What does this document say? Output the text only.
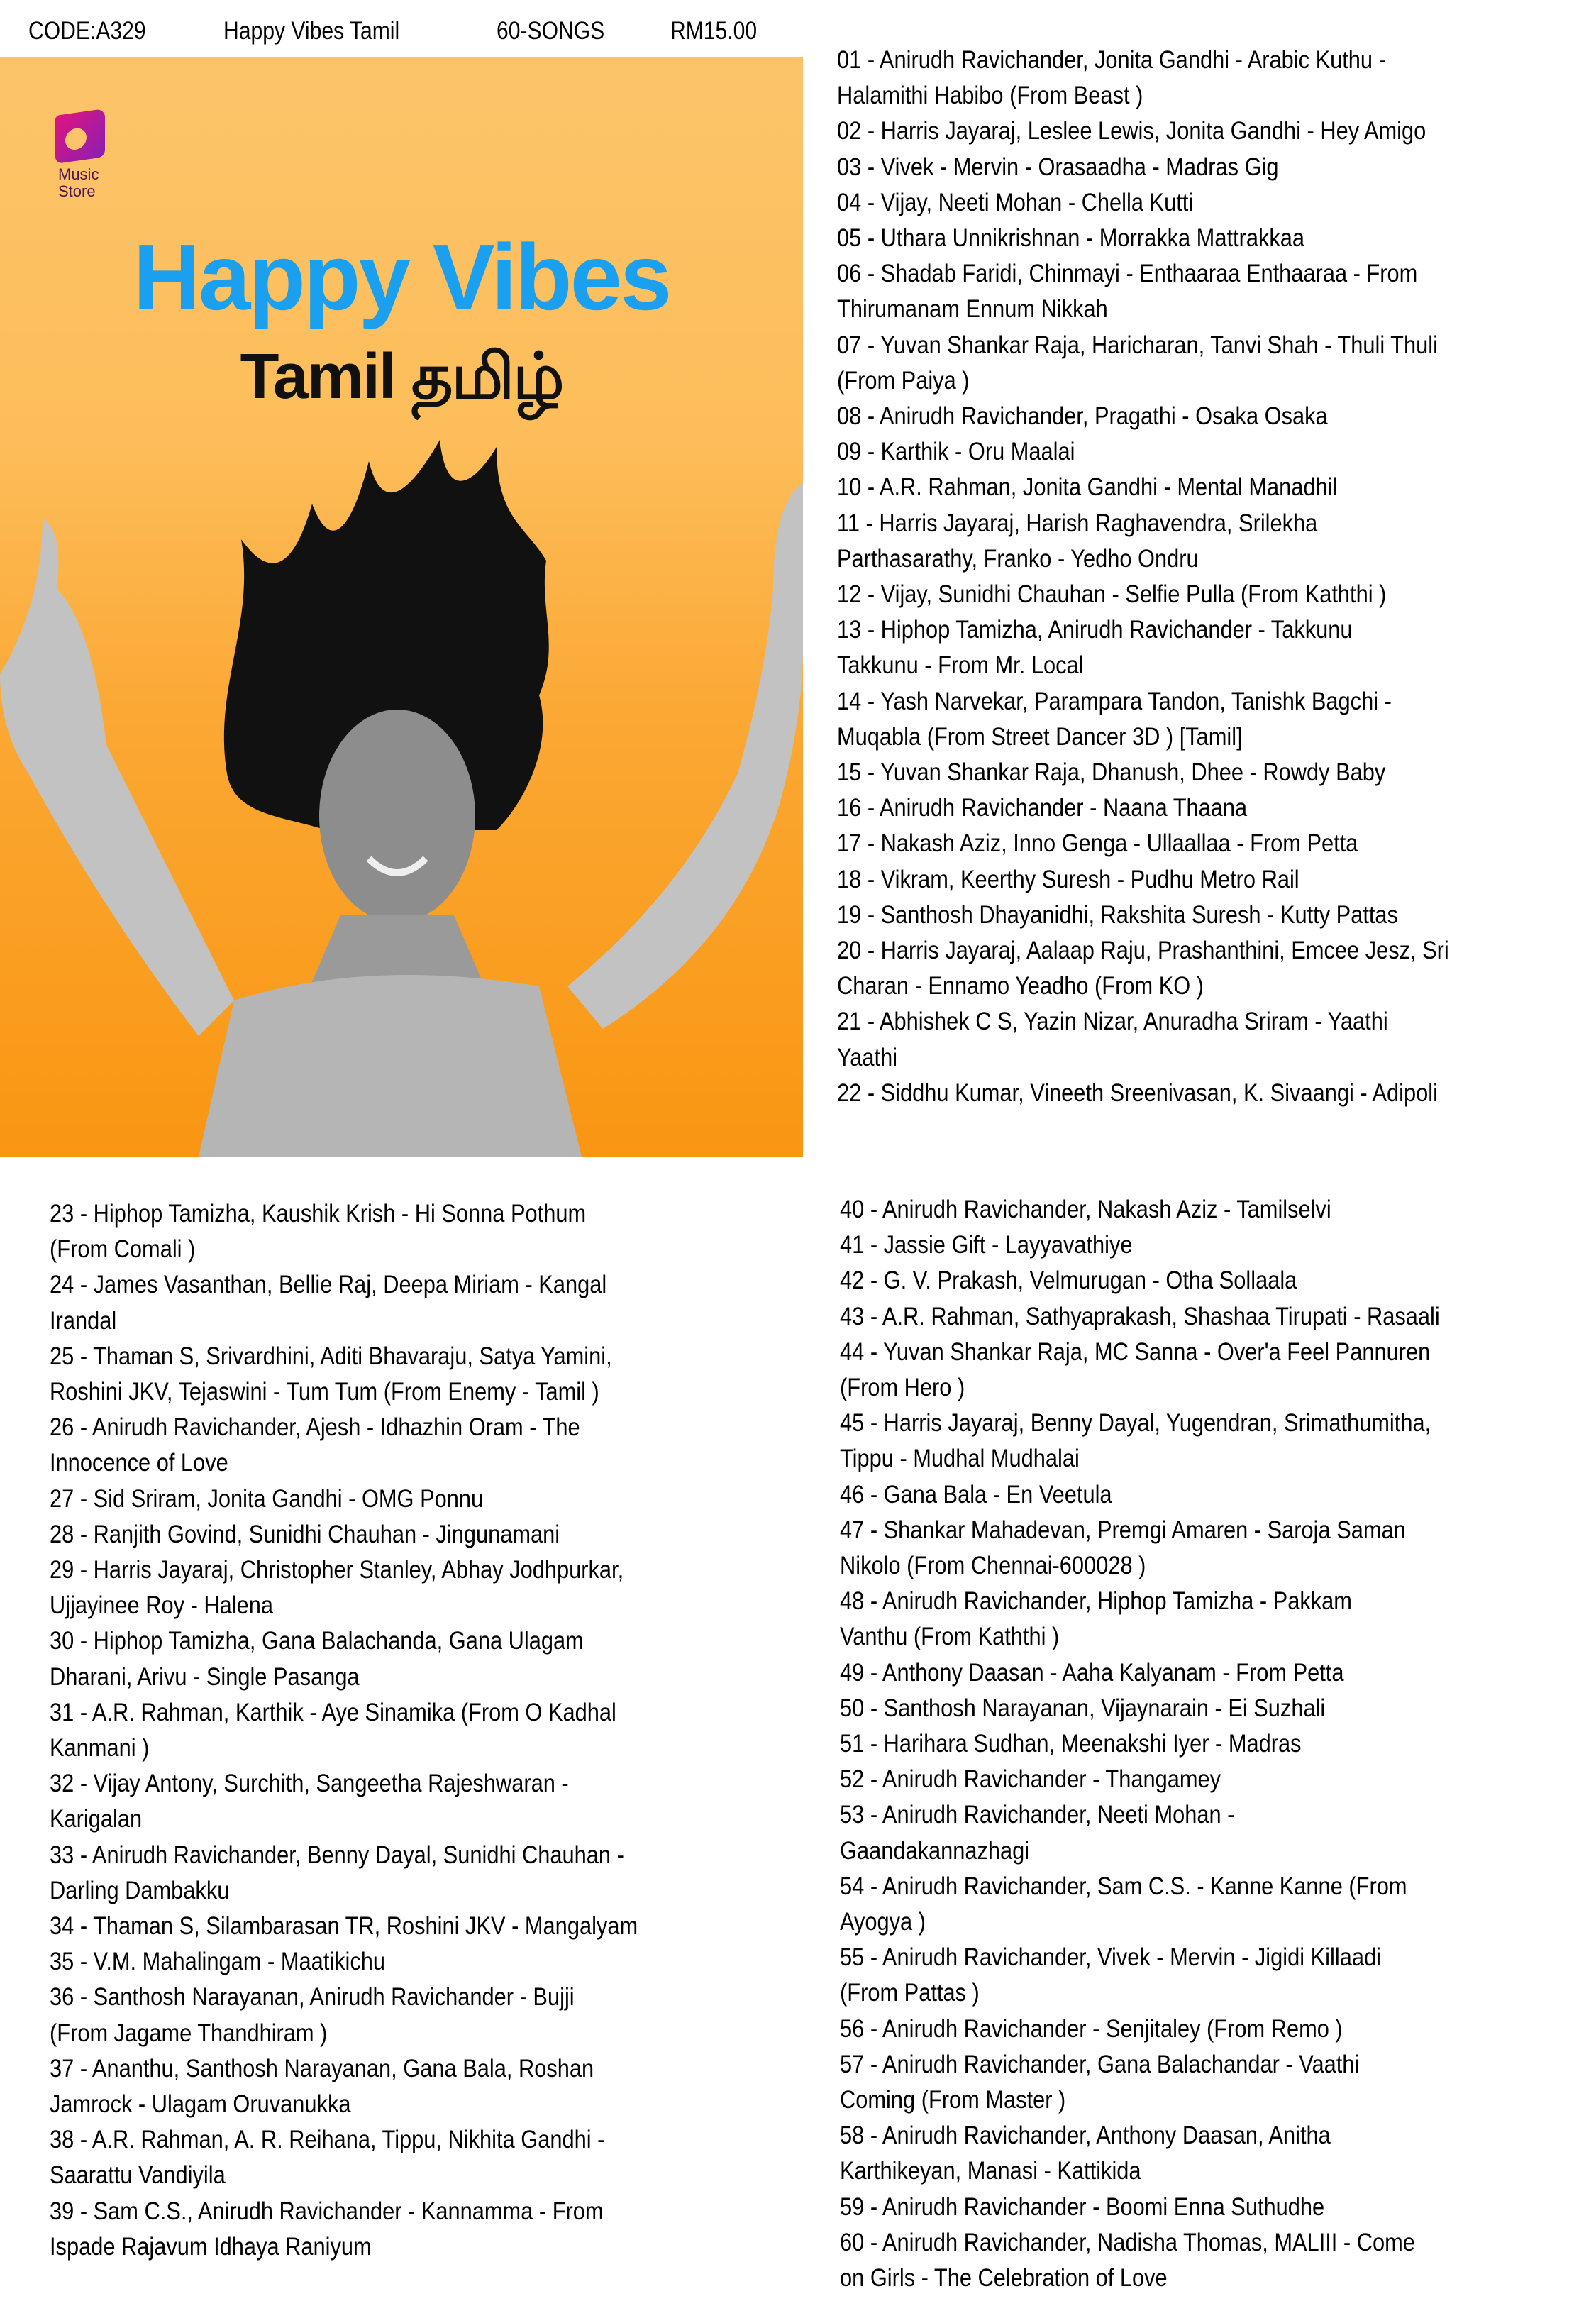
CODE:A329	Happy Vibes Tamil	60-SONGS	RM15.00
Music
Store
Happy Vibes
Tamil தமிழ்
01 - Anirudh Ravichander, Jonita Gandhi - Arabic Kuthu -
Halamithi Habibo (From Beast )
02 - Harris Jayaraj, Leslee Lewis, Jonita Gandhi - Hey Amigo
03 - Vivek - Mervin - Orasaadha - Madras Gig
04 - Vijay, Neeti Mohan - Chella Kutti
05 - Uthara Unnikrishnan - Morrakka Mattrakkaa
06 - Shadab Faridi, Chinmayi - Enthaaraa Enthaaraa - From
Thirumanam Ennum Nikkah
07 - Yuvan Shankar Raja, Haricharan, Tanvi Shah - Thuli Thuli
(From Paiya )
08 - Anirudh Ravichander, Pragathi - Osaka Osaka
09 - Karthik - Oru Maalai
10 - A.R. Rahman, Jonita Gandhi - Mental Manadhil
11 - Harris Jayaraj, Harish Raghavendra, Srilekha
Parthasarathy, Franko - Yedho Ondru
12 - Vijay, Sunidhi Chauhan - Selfie Pulla (From Kaththi )
13 - Hiphop Tamizha, Anirudh Ravichander - Takkunu
Takkunu - From Mr. Local
14 - Yash Narvekar, Parampara Tandon, Tanishk Bagchi -
Muqabla (From Street Dancer 3D ) [Tamil]
15 - Yuvan Shankar Raja, Dhanush, Dhee - Rowdy Baby
16 - Anirudh Ravichander - Naana Thaana
17 - Nakash Aziz, Inno Genga - Ullaallaa - From Petta
18 - Vikram, Keerthy Suresh - Pudhu Metro Rail
19 - Santhosh Dhayanidhi, Rakshita Suresh - Kutty Pattas
20 - Harris Jayaraj, Aalaap Raju, Prashanthini, Emcee Jesz, Sri
Charan - Ennamo Yeadho (From KO )
21 - Abhishek C S, Yazin Nizar, Anuradha Sriram - Yaathi
Yaathi
22 - Siddhu Kumar, Vineeth Sreenivasan, K. Sivaangi - Adipoli
23 - Hiphop Tamizha, Kaushik Krish - Hi Sonna Pothum
(From Comali )
24 - James Vasanthan, Bellie Raj, Deepa Miriam - Kangal
Irandal
25 - Thaman S, Srivardhini, Aditi Bhavaraju, Satya Yamini,
Roshini JKV, Tejaswini - Tum Tum (From Enemy - Tamil )
26 - Anirudh Ravichander, Ajesh - Idhazhin Oram - The
Innocence of Love
27 - Sid Sriram, Jonita Gandhi - OMG Ponnu
28 - Ranjith Govind, Sunidhi Chauhan - Jingunamani
29 - Harris Jayaraj, Christopher Stanley, Abhay Jodhpurkar,
Ujjayinee Roy - Halena
30 - Hiphop Tamizha, Gana Balachanda, Gana Ulagam
Dharani, Arivu - Single Pasanga
31 - A.R. Rahman, Karthik - Aye Sinamika (From O Kadhal
Kanmani )
32 - Vijay Antony, Surchith, Sangeetha Rajeshwaran -
Karigalan
33 - Anirudh Ravichander, Benny Dayal, Sunidhi Chauhan -
Darling Dambakku
34 - Thaman S, Silambarasan TR, Roshini JKV - Mangalyam
35 - V.M. Mahalingam - Maatikichu
36 - Santhosh Narayanan, Anirudh Ravichander - Bujji
(From Jagame Thandhiram )
37 - Ananthu, Santhosh Narayanan, Gana Bala, Roshan
Jamrock - Ulagam Oruvanukka
38 - A.R. Rahman, A. R. Reihana, Tippu, Nikhita Gandhi -
Saarattu Vandiyila
39 - Sam C.S., Anirudh Ravichander - Kannamma - From
Ispade Rajavum Idhaya Raniyum
40 - Anirudh Ravichander, Nakash Aziz - Tamilselvi
41 - Jassie Gift - Layyavathiye
42 - G. V. Prakash, Velmurugan - Otha Sollaala
43 - A.R. Rahman, Sathyaprakash, Shashaa Tirupati - Rasaali
44 - Yuvan Shankar Raja, MC Sanna - Over'a Feel Pannuren
(From Hero )
45 - Harris Jayaraj, Benny Dayal, Yugendran, Srimathumitha,
Tippu - Mudhal Mudhalai
46 - Gana Bala - En Veetula
47 - Shankar Mahadevan, Premgi Amaren - Saroja Saman
Nikolo (From Chennai-600028 )
48 - Anirudh Ravichander, Hiphop Tamizha - Pakkam
Vanthu (From Kaththi )
49 - Anthony Daasan - Aaha Kalyanam - From Petta
50 - Santhosh Narayanan, Vijaynarain - Ei Suzhali
51 - Harihara Sudhan, Meenakshi Iyer - Madras
52 - Anirudh Ravichander - Thangamey
53 - Anirudh Ravichander, Neeti Mohan -
Gaandakannazhagi
54 - Anirudh Ravichander, Sam C.S. - Kanne Kanne (From
Ayogya )
55 - Anirudh Ravichander, Vivek - Mervin - Jigidi Killaadi
(From Pattas )
56 - Anirudh Ravichander - Senjitaley (From Remo )
57 - Anirudh Ravichander, Gana Balachandar - Vaathi
Coming (From Master )
58 - Anirudh Ravichander, Anthony Daasan, Anitha
Karthikeyan, Manasi - Kattikida
59 - Anirudh Ravichander - Boomi Enna Suthudhe
60 - Anirudh Ravichander, Nadisha Thomas, MALIII - Come
on Girls - The Celebration of Love
